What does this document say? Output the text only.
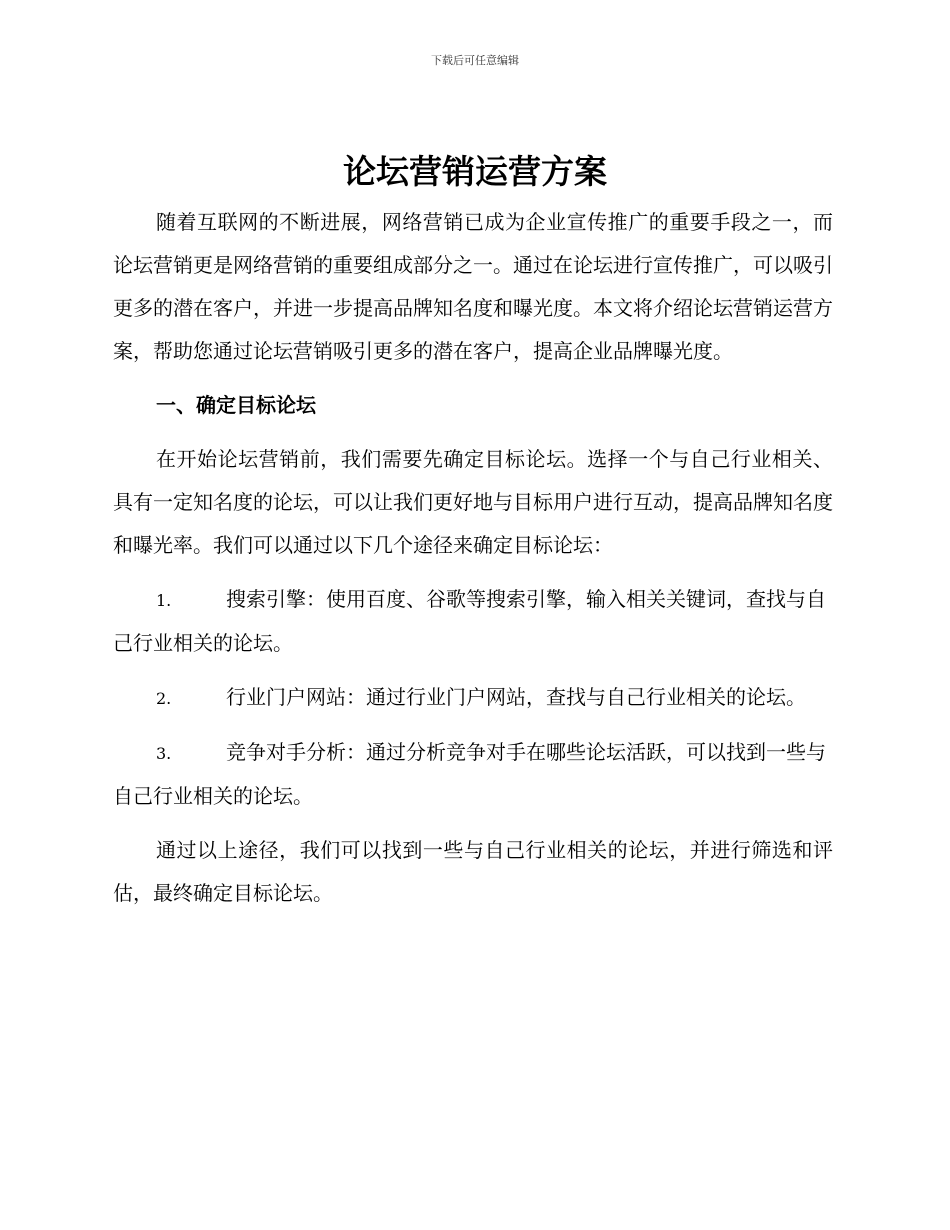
下载后可任意编辑
论坛营销运营方案

随着互联网的不断进展，网络营销已成为企业宣传推广的重要手段之一，而论坛营销更是网络营销的重要组成部分之一。通过在论坛进行宣传推广，可以吸引更多的潜在客户，并进一步提高品牌知名度和曝光度。本文将介绍论坛营销运营方案，帮助您通过论坛营销吸引更多的潜在客户，提高企业品牌曝光度。

一、确定目标论坛

在开始论坛营销前，我们需要先确定目标论坛。选择一个与自己行业相关、具有一定知名度的论坛，可以让我们更好地与目标用户进行互动，提高品牌知名度和曝光率。我们可以通过以下几个途径来确定目标论坛：

1.	搜索引擎：使用百度、谷歌等搜索引擎，输入相关关键词，查找与自己行业相关的论坛。

2.	行业门户网站：通过行业门户网站，查找与自己行业相关的论坛。

3.	竞争对手分析：通过分析竞争对手在哪些论坛活跃，可以找到一些与自己行业相关的论坛。

通过以上途径，我们可以找到一些与自己行业相关的论坛，并进行筛选和评估，最终确定目标论坛。
